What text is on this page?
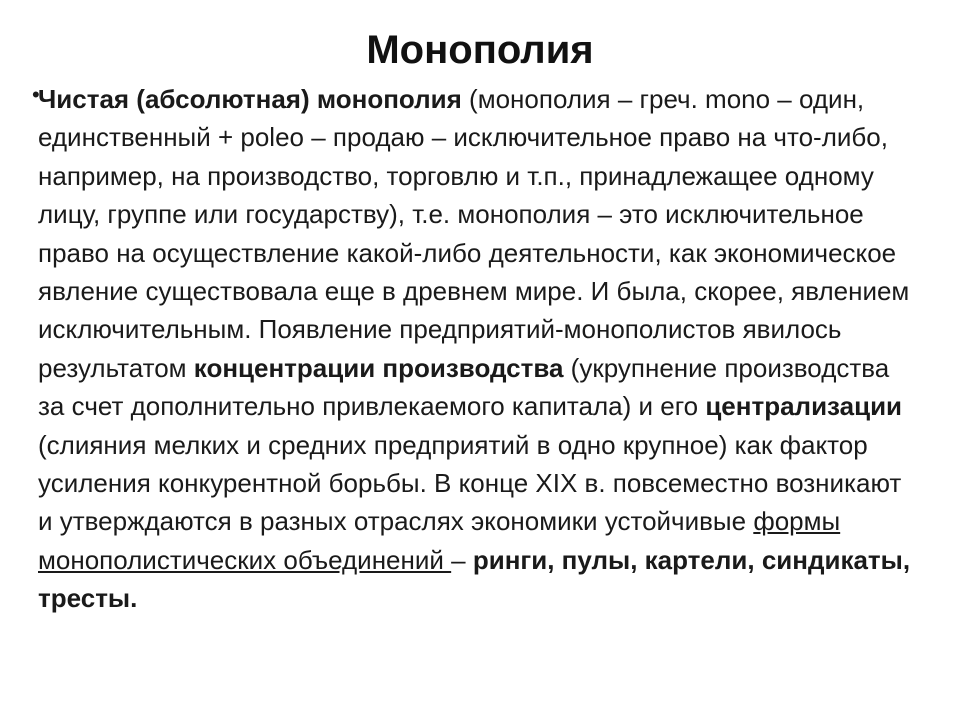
Монополия
•

Чистая (абсолютная) монополия (монополия – греч. mono – один, единственный + poleo – продаю – исключительное право на что-либо, например, на производство, торговлю и т.п., принадлежащее одному лицу, группе или государству), т.е. монополия – это исключительное право на осуществление какой-либо деятельности, как экономическое явление существовала еще в древнем мире. И была, скорее, явлением исключительным. Появление предприятий-монополистов явилось результатом концентрации производства (укрупнение производства за счет дополнительно привлекаемого капитала) и его централизации (слияния мелких и средних предприятий в одно крупное) как фактор усиления конкурентной борьбы. В конце XIX в. повсеместно возникают и утверждаются в разных отраслях экономики устойчивые формы монополистических объединений – ринги, пулы, картели, синдикаты, тресты.
